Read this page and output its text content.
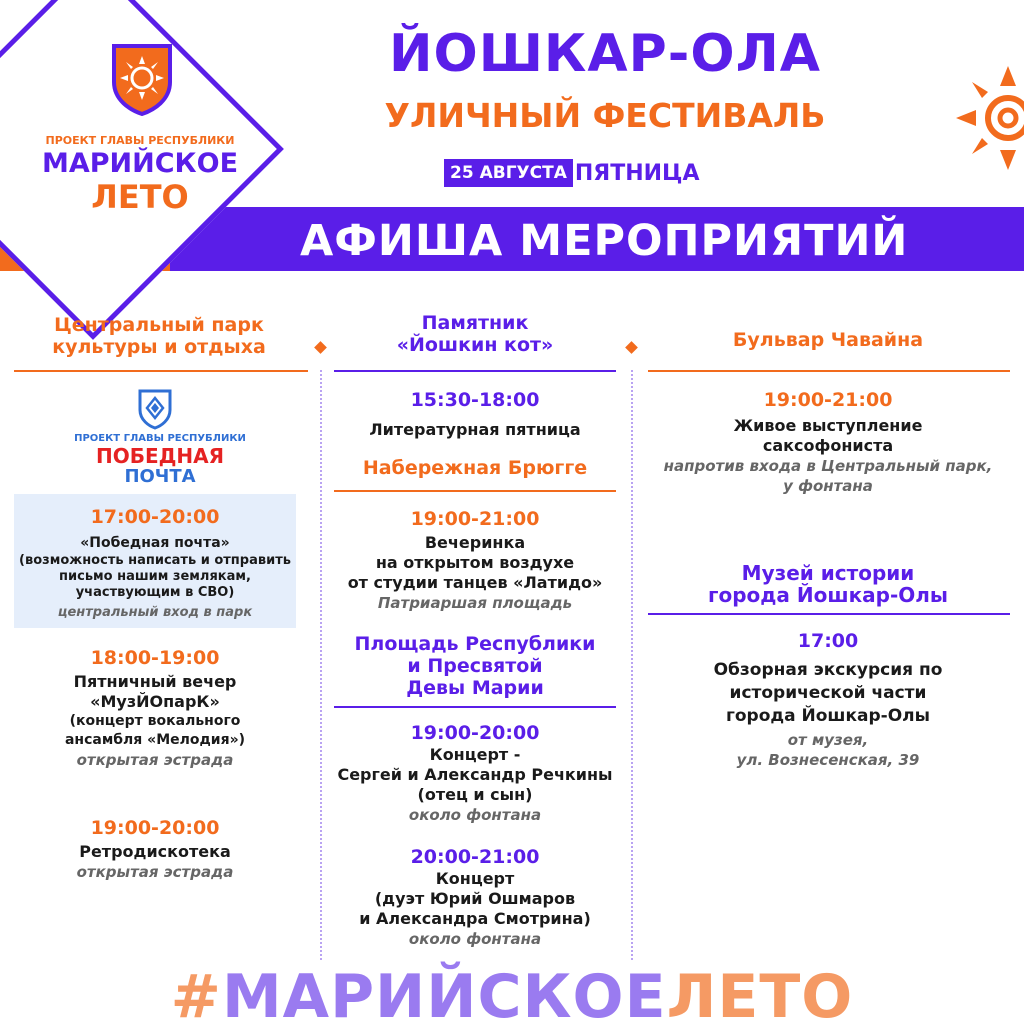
АФИША МЕРОПРИЯТИЙ
ПРОЕКТ ГЛАВЫ РЕСПУБЛИКИ
МАРИЙСКОЕ
ЛЕТО
ЙОШКАР-ОЛА
УЛИЧНЫЙ ФЕСТИВАЛЬ
25 АВГУСТА ПЯТНИЦА
Центральный парк
культуры и отдыха
ПРОЕКТ ГЛАВЫ РЕСПУБЛИКИ
ПОБЕДНАЯ
ПОЧТА
17:00-20:00
«Победная почта»
(возможность написать и отправить
письмо нашим землякам,
участвующим в СВО)
центральный вход в парк
18:00-19:00
Пятничный вечер
«МузЙОпарК»
(концерт вокального
ансамбля «Мелодия»)
открытая эстрада
19:00-20:00
Ретродискотека
открытая эстрада
Памятник
«Йошкин кот»
15:30-18:00
Литературная пятница
Набережная Брюгге
19:00-21:00
Вечеринка
на открытом воздухе
от студии танцев «Латидо»
Патриаршая площадь
Площадь Республики
и Пресвятой
Девы Марии
19:00-20:00
Концерт -
Сергей и Александр Речкины
(отец и сын)
около фонтана
20:00-21:00
Концерт
(дуэт Юрий Ошмаров
и Александра Смотрина)
около фонтана
Бульвар Чавайна
19:00-21:00
Живое выступление
саксофониста
напротив входа в Центральный парк,
у фонтана
Музей истории
города Йошкар-Олы
17:00
Обзорная экскурсия по
исторической части
города Йошкар-Олы
от музея,
ул. Вознесенская, 39
#МАРИЙСКОЕЛЕТО
